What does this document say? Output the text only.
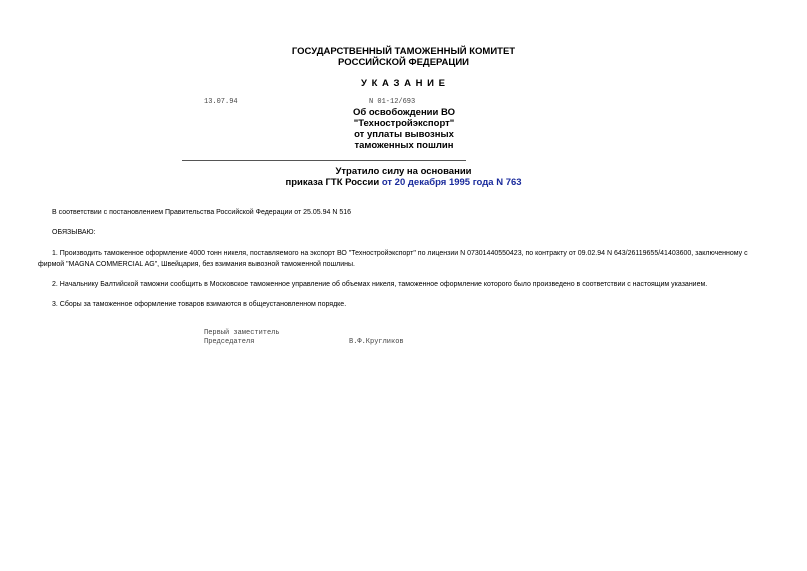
ГОСУДАРСТВЕННЫЙ ТАМОЖЕННЫЙ КОМИТЕТ
РОССИЙСКОЙ ФЕДЕРАЦИИ
У К А З А Н И Е
13.07.94	N 01-12/693
Об освобождении ВО
"Техностройэкспорт"
от уплаты вывозных
таможенных пошлин
Утратило силу на основании
приказа ГТК России от 20 декабря 1995 года N 763
В соответствии с постановлением Правительства Российской Федерации от 25.05.94 N 516
ОБЯЗЫВАЮ:
1. Производить таможенное оформление 4000 тонн никеля, поставляемого на экспорт ВО "Техностройэкспорт" по лицензии N 07301440550423, по контракту от 09.02.94 N 643/26119655/41403600, заключенному с фирмой "MAGNA COMMERCIAL AG", Швейцария, без взимания вывозной таможенной пошлины.
2. Начальнику Балтийской таможни сообщить в Московское таможенное управление об объемах никеля, таможенное оформление которого было произведено в соответствии с настоящим указанием.
3. Сборы за таможенное оформление товаров взимаются в общеустановленном порядке.
Первый заместитель
Председателя	В.Ф.Кругликов
